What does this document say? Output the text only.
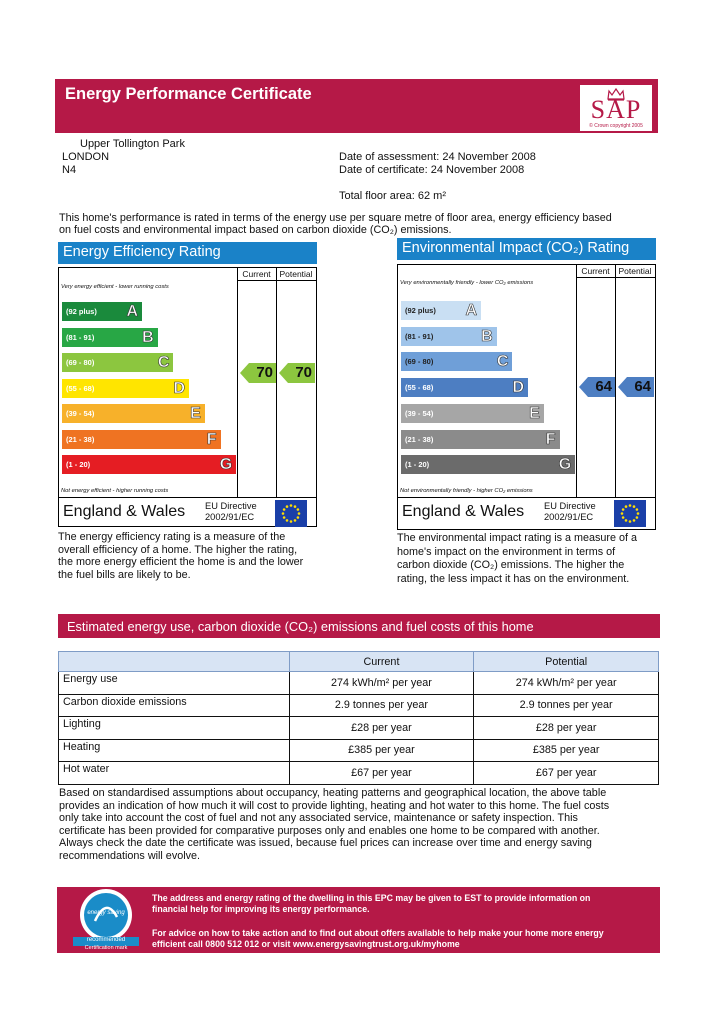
Energy Performance Certificate
SAP
© Crown copyright 2005
Upper Tollington Park
LONDON
N4
Date of assessment: 24 November 2008
Date of certificate: 24 November 2008
Total floor area: 62 m²
This home's performance is rated in terms of the energy use per square metre of floor area, energy efficiency based
on fuel costs and environmental impact based on carbon dioxide (CO₂) emissions.
Energy Efficiency Rating
Current	Potential
Very energy efficient - lower running costs
Not energy efficient - higher running costs
(92 plus) A
(81 - 91)	B
(69 - 80)	C
(55 - 68)	D
(39 - 54)	E
(21 - 38)	F
(1 - 20)	G
70 70
England & Wales EU Directive
2002/91/EC
The energy efficiency rating is a measure of the
overall efficiency of a home. The higher the rating,
the more energy efficient the home is and the lower
the fuel bills are likely to be.
Environmental Impact (CO₂) Rating
Current	Potential
Very environmentally friendly - lower CO₂ emissions
Not environmentally friendly - higher CO₂ emissions
(92 plus) A
(81 - 91)	B
(69 - 80)	C
(55 - 68)	D
(39 - 54)	E
(21 - 38)	F
(1 - 20)	G
64 64
England & Wales EU Directive
2002/91/EC
The environmental impact rating is a measure of a
home's impact on the environment in terms of
carbon dioxide (CO₂) emissions. The higher the
rating, the less impact it has on the environment.
Estimated energy use, carbon dioxide (CO₂) emissions and fuel costs of this home
	Current	Potential
Energy use	274 kWh/m² per year	274 kWh/m² per year
Carbon dioxide emissions	2.9 tonnes per year	2.9 tonnes per year
Lighting	£28 per year	£28 per year
Heating	£385 per year	£385 per year
Hot water	£67 per year	£67 per year
Based on standardised assumptions about occupancy, heating patterns and geographical location, the above table
provides an indication of how much it will cost to provide lighting, heating and hot water to this home. The fuel costs
only take into account the cost of fuel and not any associated service, maintenance or safety inspection. This
certificate has been provided for comparative purposes only and enables one home to be compared with another.
Always check the date the certificate was issued, because fuel prices can increase over time and energy saving
recommendations will evolve.
energy saving
recommended
Certification mark
The address and energy rating of the dwelling in this EPC may be given to EST to provide information on
financial help for improving its energy performance.
For advice on how to take action and to find out about offers available to help make your home more energy
efficient call 0800 512 012 or visit www.energysavingtrust.org.uk/myhome
